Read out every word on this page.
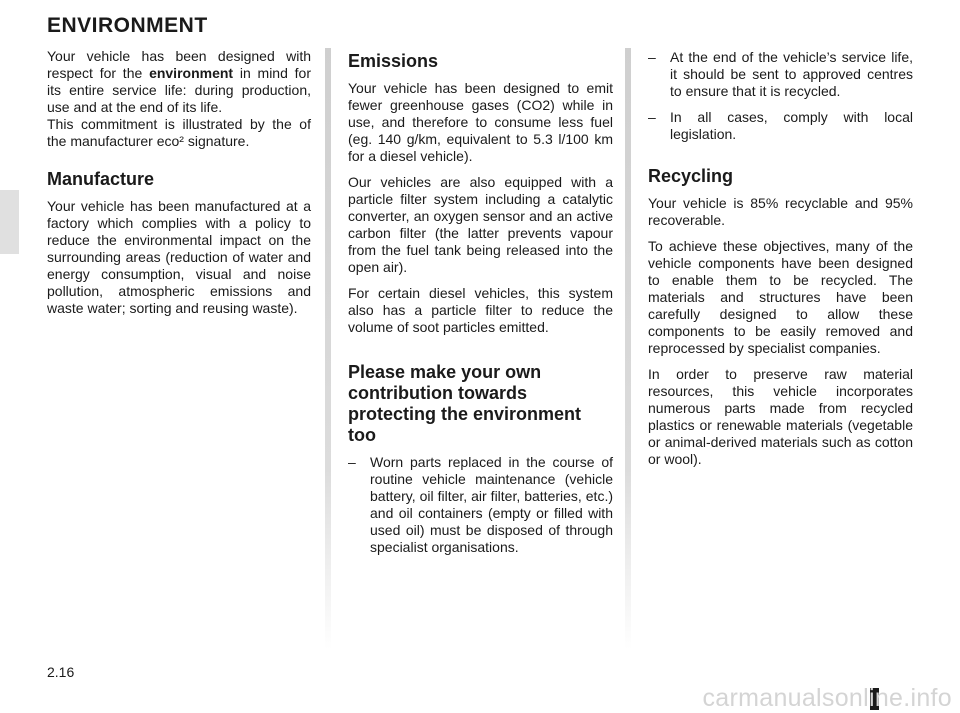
ENVIRONMENT

Your vehicle has been designed with respect for the environment in mind for its entire service life: during production, use and at the end of its life.
This commitment is illustrated by the of the manufacturer eco² signature.

Manufacture

Your vehicle has been manufactured at a factory which complies with a policy to reduce the environmental impact on the surrounding areas (reduction of water and energy consumption, visual and noise pollution, atmospheric emissions and waste water; sorting and reusing waste).

Emissions

Your vehicle has been designed to emit fewer greenhouse gases (CO2) while in use, and therefore to consume less fuel (eg. 140 g/km, equivalent to 5.3 l/100 km for a diesel vehicle).

Our vehicles are also equipped with a particle filter system including a catalytic converter, an oxygen sensor and an active carbon filter (the latter prevents vapour from the fuel tank being released into the open air).

For certain diesel vehicles, this system also has a particle filter to reduce the volume of soot particles emitted.

Please make your own contribution towards protecting the environment too
– Worn parts replaced in the course of routine vehicle maintenance (vehicle battery, oil filter, air filter, batteries, etc.) and oil containers (empty or filled with used oil) must be disposed of through specialist organisations.
– At the end of the vehicle’s service life, it should be sent to approved centres to ensure that it is recycled.
– In all cases, comply with local legislation.
Recycling

Your vehicle is 85% recyclable and 95% recoverable.

To achieve these objectives, many of the vehicle components have been designed to enable them to be recycled. The materials and structures have been carefully designed to allow these components to be easily removed and reprocessed by specialist companies.

In order to preserve raw material resources, this vehicle incorporates numerous parts made from recycled plastics or renewable materials (vegetable or animal-derived materials such as cotton or wool).

2.16
carmanualsonline.info
